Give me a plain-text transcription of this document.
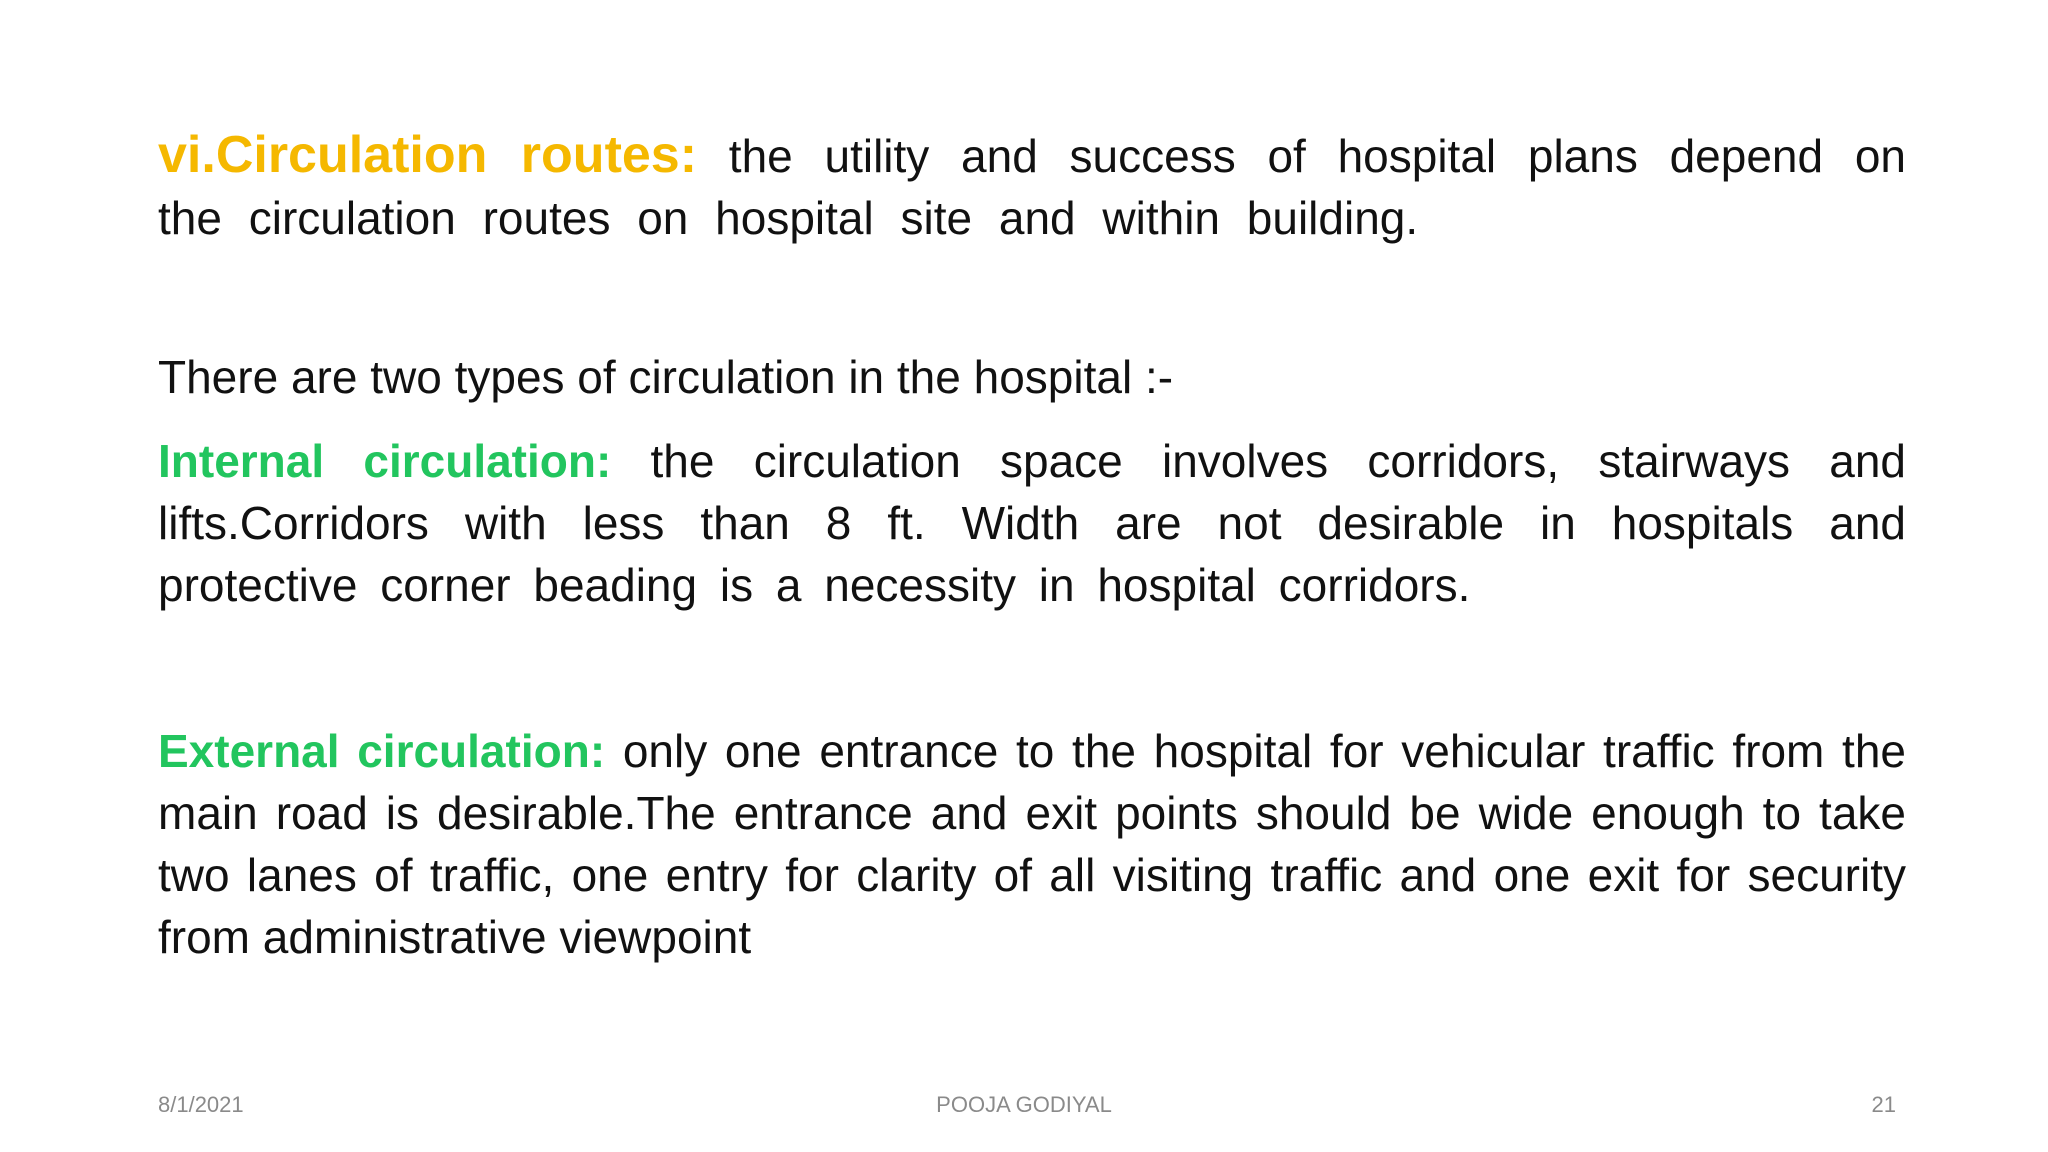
vi.Circulation routes: the utility and success of hospital plans depend on the circulation routes on hospital site and within building.
There are two types of circulation in the hospital :-
Internal circulation: the circulation space involves corridors, stairways and lifts.Corridors with less than 8 ft. Width are not desirable in hospitals and protective corner beading is a necessity in hospital corridors.
External circulation: only one entrance to the hospital for vehicular traffic from the main road is desirable.The entrance and exit points should be wide enough to take two lanes of traffic, one entry for clarity of all visiting traffic and one exit for security from administrative viewpoint
8/1/2021	POOJA GODIYAL	21
